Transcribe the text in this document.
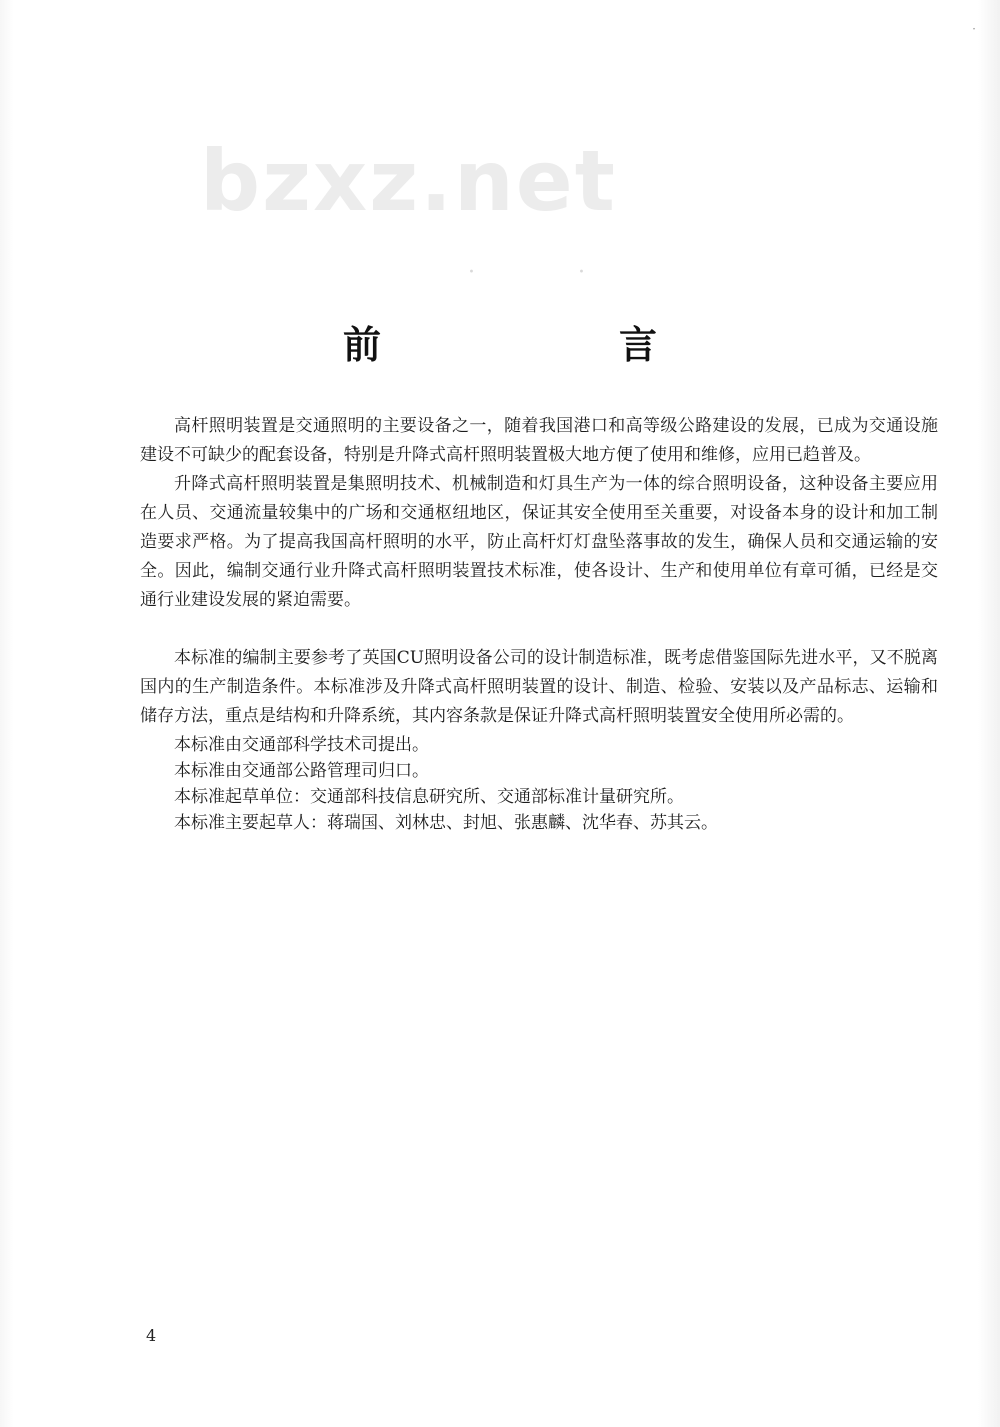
bzxz.net
·	·
·
前　言

高杆照明装置是交通照明的主要设备之一，随着我国港口和高等级公路建设的发展，已成为交通设施建设不可缺少的配套设备，特别是升降式高杆照明装置极大地方便了使用和维修，应用已趋普及。

升降式高杆照明装置是集照明技术、机械制造和灯具生产为一体的综合照明设备，这种设备主要应用在人员、交通流量较集中的广场和交通枢纽地区，保证其安全使用至关重要，对设备本身的设计和加工制造要求严格。为了提高我国高杆照明的水平，防止高杆灯灯盘坠落事故的发生，确保人员和交通运输的安全。因此，编制交通行业升降式高杆照明装置技术标准，使各设计、生产和使用单位有章可循，已经是交通行业建设发展的紧迫需要。

本标准的编制主要参考了英国CU照明设备公司的设计制造标准，既考虑借鉴国际先进水平，又不脱离国内的生产制造条件。本标准涉及升降式高杆照明装置的设计、制造、检验、安装以及产品标志、运输和储存方法，重点是结构和升降系统，其内容条款是保证升降式高杆照明装置安全使用所必需的。

本标准由交通部科学技术司提出。

本标准由交通部公路管理司归口。

本标准起草单位：交通部科技信息研究所、交通部标准计量研究所。

本标准主要起草人：蒋瑞国、刘林忠、封旭、张惠麟、沈华春、苏其云。

4
